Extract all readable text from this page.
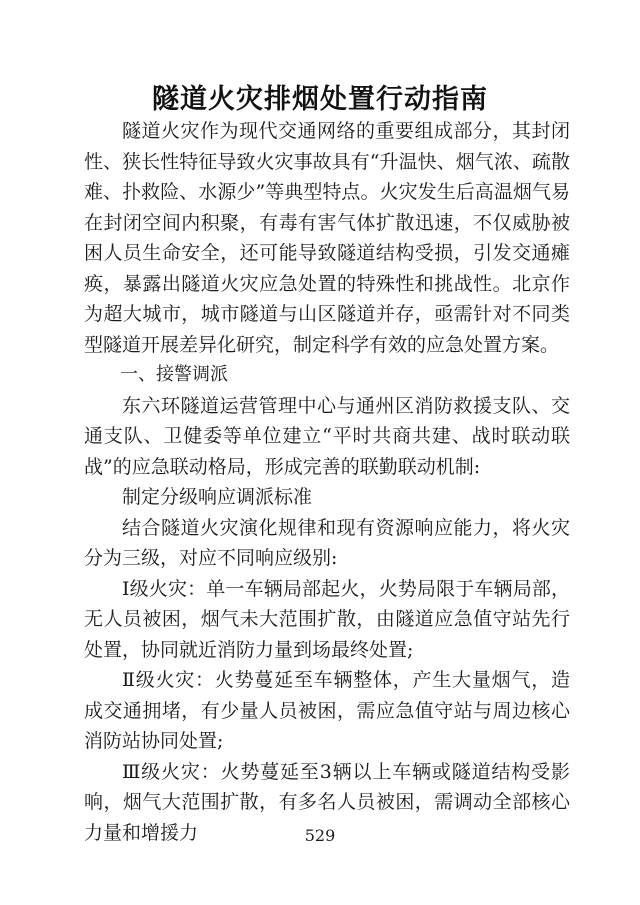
隧道火灾排烟处置行动指南

隧道火灾作为现代交通网络的重要组成部分，其封闭性、狭长性特征导致火灾事故具有“升温快、烟气浓、疏散难、扑救险、水源少”等典型特点。火灾发生后高温烟气易在封闭空间内积聚，有毒有害气体扩散迅速，不仅威胁被困人员生命安全，还可能导致隧道结构受损，引发交通瘫痪，暴露出隧道火灾应急处置的特殊性和挑战性。北京作为超大城市，城市隧道与山区隧道并存，亟需针对不同类型隧道开展差异化研究，制定科学有效的应急处置方案。

一、接警调派

东六环隧道运营管理中心与通州区消防救援支队、交通支队、卫健委等单位建立“平时共商共建、战时联动联战”的应急联动格局，形成完善的联勤联动机制:

制定分级响应调派标准

结合隧道火灾演化规律和现有资源响应能力，将火灾分为三级，对应不同响应级别:

Ⅰ级火灾：单一车辆局部起火，火势局限于车辆局部，无人员被困，烟气未大范围扩散，由隧道应急值守站先行处置，协同就近消防力量到场最终处置;

Ⅱ级火灾：火势蔓延至车辆整体，产生大量烟气，造成交通拥堵，有少量人员被困，需应急值守站与周边核心消防站协同处置;

Ⅲ级火灾：火势蔓延至3辆以上车辆或隧道结构受影响，烟气大范围扩散，有多名人员被困，需调动全部核心力量和增援力	529
